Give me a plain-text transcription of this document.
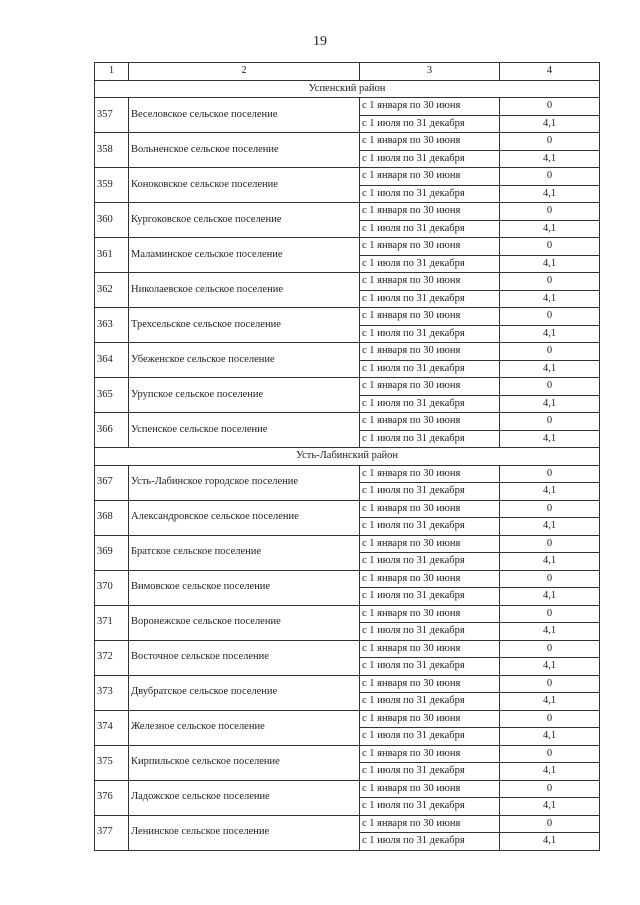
19
1	2	3	4
Успенский район			
357	Веселовское сельское поселение	с 1 января по 30 июня	0
		с 1 июля по 31 декабря	4,1
358	Вольненское сельское поселение	с 1 января по 30 июня	0
		с 1 июля по 31 декабря	4,1
359	Коноковское сельское поселение	с 1 января по 30 июня	0
		с 1 июля по 31 декабря	4,1
360	Кургоковское сельское поселение	с 1 января по 30 июня	0
		с 1 июля по 31 декабря	4,1
361	Маламинское сельское поселение	с 1 января по 30 июня	0
		с 1 июля по 31 декабря	4,1
362	Николаевское сельское поселение	с 1 января по 30 июня	0
		с 1 июля по 31 декабря	4,1
363	Трехсельское сельское поселение	с 1 января по 30 июня	0
		с 1 июля по 31 декабря	4,1
364	Убеженское сельское поселение	с 1 января по 30 июня	0
		с 1 июля по 31 декабря	4,1
365	Урупское сельское поселение	с 1 января по 30 июня	0
		с 1 июля по 31 декабря	4,1
366	Успенское сельское поселение	с 1 января по 30 июня	0
		с 1 июля по 31 декабря	4,1
Усть-Лабинский район			
367	Усть-Лабинское городское поселение	с 1 января по 30 июня	0
		с 1 июля по 31 декабря	4,1
368	Александровское сельское поселение	с 1 января по 30 июня	0
		с 1 июля по 31 декабря	4,1
369	Братское сельское поселение	с 1 января по 30 июня	0
		с 1 июля по 31 декабря	4,1
370	Вимовское сельское поселение	с 1 января по 30 июня	0
		с 1 июля по 31 декабря	4,1
371	Воронежское сельское поселение	с 1 января по 30 июня	0
		с 1 июля по 31 декабря	4,1
372	Восточное сельское поселение	с 1 января по 30 июня	0
		с 1 июля по 31 декабря	4,1
373	Двубратское сельское поселение	с 1 января по 30 июня	0
		с 1 июля по 31 декабря	4,1
374	Железное сельское поселение	с 1 января по 30 июня	0
		с 1 июля по 31 декабря	4,1
375	Кирпильское сельское поселение	с 1 января по 30 июня	0
		с 1 июля по 31 декабря	4,1
376	Ладожское сельское поселение	с 1 января по 30 июня	0
		с 1 июля по 31 декабря	4,1
377	Ленинское сельское поселение	с 1 января по 30 июня	0
		с 1 июля по 31 декабря	4,1
